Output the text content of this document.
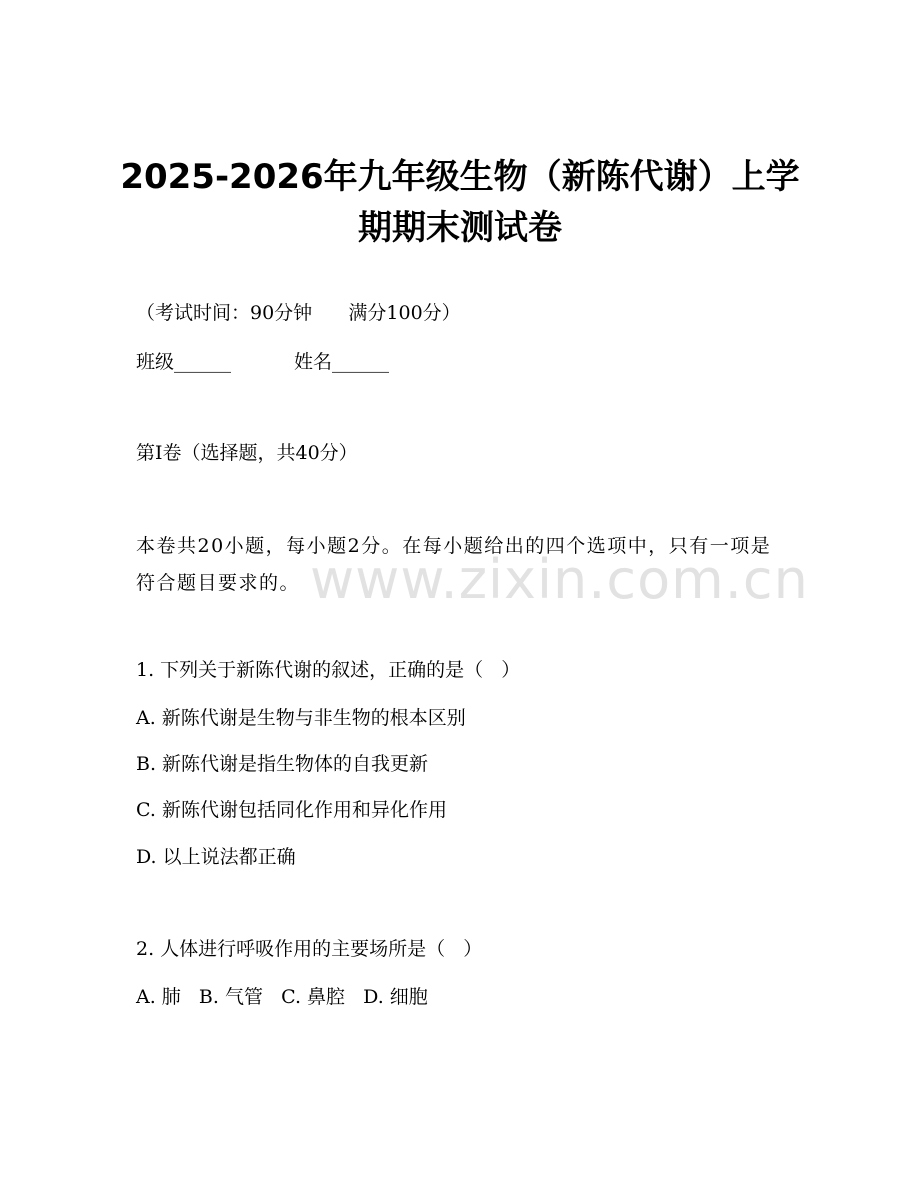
www.zixin.com.cn
2025-2026年九年级生物（新陈代谢）上学
期期末测试卷

（考试时间：90分钟      满分100分）

班级______	姓名______

第Ⅰ卷（选择题，共40分）

本卷共20小题，每小题2分。在每小题给出的四个选项中，只有一项是符合题目要求的。

1. 下列关于新陈代谢的叙述，正确的是（   ）

A. 新陈代谢是生物与非生物的根本区别

B. 新陈代谢是指生物体的自我更新

C. 新陈代谢包括同化作用和异化作用

D. 以上说法都正确

2. 人体进行呼吸作用的主要场所是（   ）

A. 肺   B. 气管   C. 鼻腔   D. 细胞
